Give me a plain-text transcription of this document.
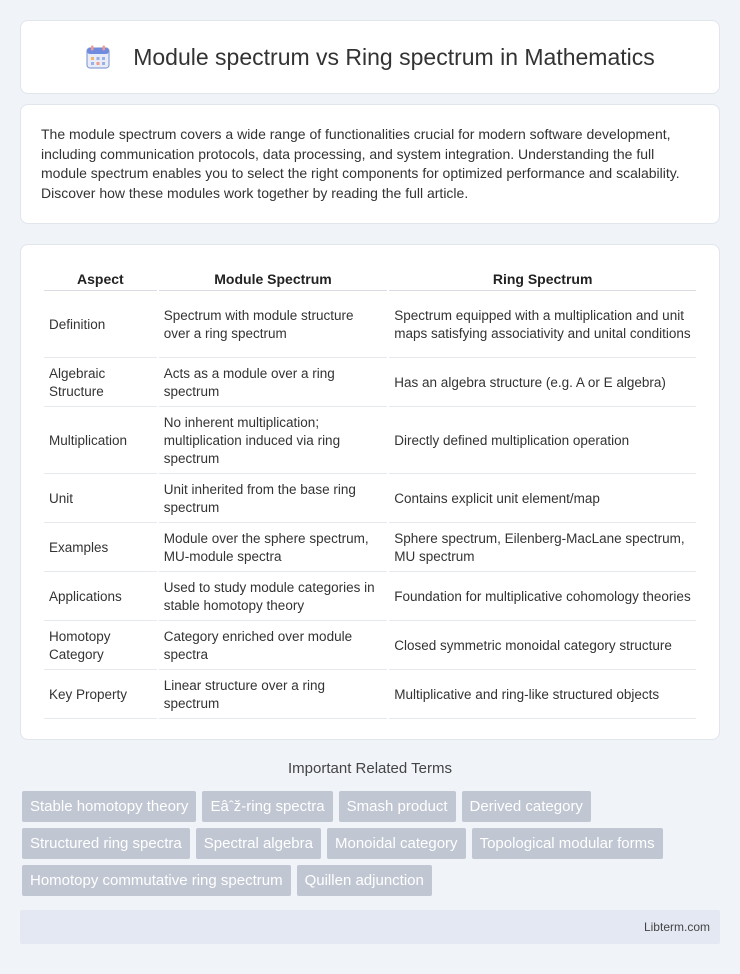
Module spectrum vs Ring spectrum in Mathematics

The module spectrum covers a wide range of functionalities crucial for modern software development, including communication protocols, data processing, and system integration. Understanding the full module spectrum enables you to select the right components for optimized performance and scalability. Discover how these modules work together by reading the full article.

Aspect	Module Spectrum	Ring Spectrum
Definition	Spectrum with module structure over a ring spectrum	Spectrum equipped with a multiplication and unit maps satisfying associativity and unital conditions
Algebraic Structure	Acts as a module over a ring spectrum	Has an algebra structure (e.g. A or E algebra)
Multiplication	No inherent multiplication; multiplication induced via ring spectrum	Directly defined multiplication operation
Unit	Unit inherited from the base ring spectrum	Contains explicit unit element/map
Examples	Module over the sphere spectrum, MU-module spectra	Sphere spectrum, Eilenberg-MacLane spectrum, MU spectrum
Applications	Used to study module categories in stable homotopy theory	Foundation for multiplicative cohomology theories
Homotopy Category	Category enriched over module spectra	Closed symmetric monoidal category structure
Key Property	Linear structure over a ring spectrum	Multiplicative and ring-like structured objects
Important Related Terms
Stable homotopy theory	Eâˆž-ring spectra	Smash product	Derived category
Structured ring spectra	Spectral algebra	Monoidal category	Topological modular forms
Homotopy commutative ring spectrum	Quillen adjunction
Libterm.com
